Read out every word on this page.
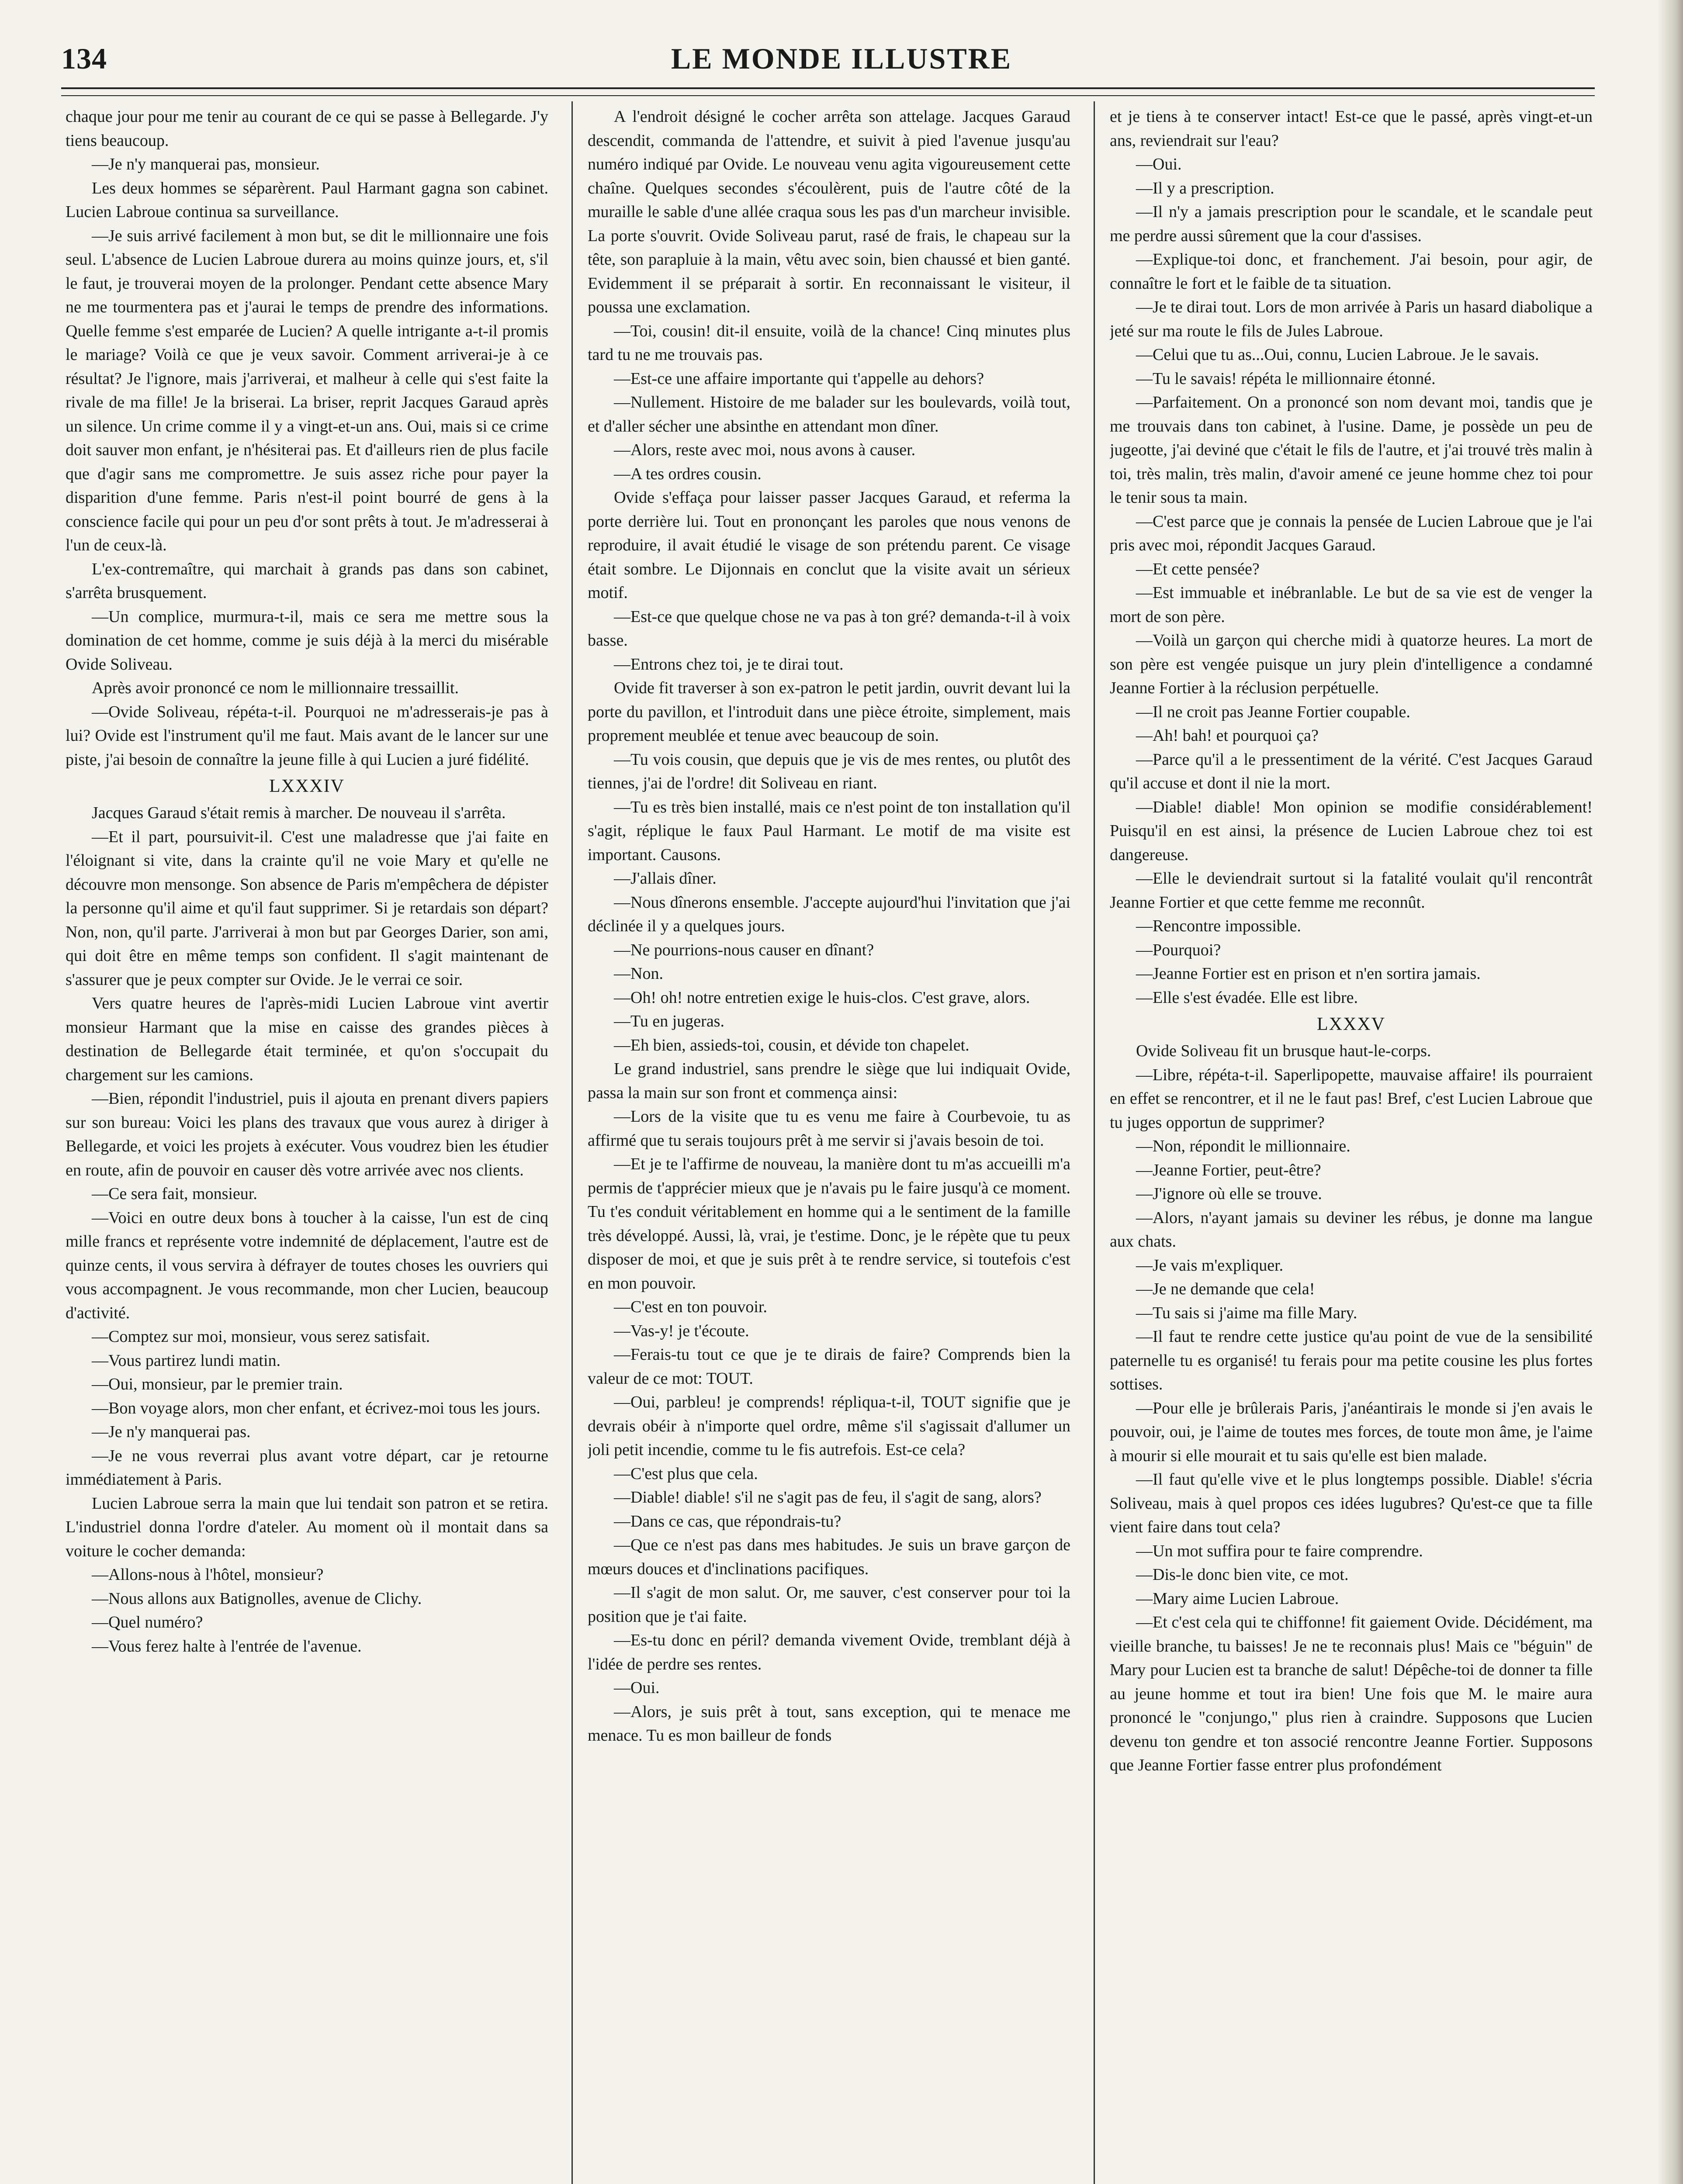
134	LE MONDE ILLUSTRE

chaque jour pour me tenir au courant de ce qui se passe à Bellegarde. J'y tiens beaucoup.

—Je n'y manquerai pas, monsieur.

Les deux hommes se séparèrent. Paul Harmant gagna son cabinet. Lucien Labroue continua sa surveillance.

—Je suis arrivé facilement à mon but, se dit le millionnaire une fois seul. L'absence de Lucien Labroue durera au moins quinze jours, et, s'il le faut, je trouverai moyen de la prolonger. Pendant cette absence Mary ne me tourmentera pas et j'aurai le temps de prendre des informations. Quelle femme s'est emparée de Lucien? A quelle intrigante a-t-il promis le mariage? Voilà ce que je veux savoir. Comment arriverai-je à ce résultat? Je l'ignore, mais j'arriverai, et malheur à celle qui s'est faite la rivale de ma fille! Je la briserai. La briser, reprit Jacques Garaud après un silence. Un crime comme il y a vingt-et-un ans. Oui, mais si ce crime doit sauver mon enfant, je n'hésiterai pas. Et d'ailleurs rien de plus facile que d'agir sans me compromettre. Je suis assez riche pour payer la disparition d'une femme. Paris n'est-il point bourré de gens à la conscience facile qui pour un peu d'or sont prêts à tout. Je m'adresserai à l'un de ceux-là.

L'ex-contremaître, qui marchait à grands pas dans son cabinet, s'arrêta brusquement.

—Un complice, murmura-t-il, mais ce sera me mettre sous la domination de cet homme, comme je suis déjà à la merci du misérable Ovide Soliveau.

Après avoir prononcé ce nom le millionnaire tressaillit.

—Ovide Soliveau, répéta-t-il. Pourquoi ne m'adresserais-je pas à lui? Ovide est l'instrument qu'il me faut. Mais avant de le lancer sur une piste, j'ai besoin de connaître la jeune fille à qui Lucien a juré fidélité.

LXXXIV

Jacques Garaud s'était remis à marcher. De nouveau il s'arrêta.

—Et il part, poursuivit-il. C'est une maladresse que j'ai faite en l'éloignant si vite, dans la crainte qu'il ne voie Mary et qu'elle ne découvre mon mensonge. Son absence de Paris m'empêchera de dépister la personne qu'il aime et qu'il faut supprimer. Si je retardais son départ? Non, non, qu'il parte. J'arriverai à mon but par Georges Darier, son ami, qui doit être en même temps son confident. Il s'agit maintenant de s'assurer que je peux compter sur Ovide. Je le verrai ce soir.

Vers quatre heures de l'après-midi Lucien Labroue vint avertir monsieur Harmant que la mise en caisse des grandes pièces à destination de Bellegarde était terminée, et qu'on s'occupait du chargement sur les camions.

—Bien, répondit l'industriel, puis il ajouta en prenant divers papiers sur son bureau: Voici les plans des travaux que vous aurez à diriger à Bellegarde, et voici les projets à exécuter. Vous voudrez bien les étudier en route, afin de pouvoir en causer dès votre arrivée avec nos clients.

—Ce sera fait, monsieur.

—Voici en outre deux bons à toucher à la caisse, l'un est de cinq mille francs et représente votre indemnité de déplacement, l'autre est de quinze cents, il vous servira à défrayer de toutes choses les ouvriers qui vous accompagnent. Je vous recommande, mon cher Lucien, beaucoup d'activité.

—Comptez sur moi, monsieur, vous serez satisfait.

—Vous partirez lundi matin.

—Oui, monsieur, par le premier train.

—Bon voyage alors, mon cher enfant, et écrivez-moi tous les jours.

—Je n'y manquerai pas.

—Je ne vous reverrai plus avant votre départ, car je retourne immédiatement à Paris.

Lucien Labroue serra la main que lui tendait son patron et se retira. L'industriel donna l'ordre d'ateler. Au moment où il montait dans sa voiture le cocher demanda:

—Allons-nous à l'hôtel, monsieur?

—Nous allons aux Batignolles, avenue de Clichy.

—Quel numéro?

—Vous ferez halte à l'entrée de l'avenue.

A l'endroit désigné le cocher arrêta son attelage. Jacques Garaud descendit, commanda de l'attendre, et suivit à pied l'avenue jusqu'au numéro indiqué par Ovide. Le nouveau venu agita vigoureusement cette chaîne. Quelques secondes s'écoulèrent, puis de l'autre côté de la muraille le sable d'une allée craqua sous les pas d'un marcheur invisible. La porte s'ouvrit. Ovide Soliveau parut, rasé de frais, le chapeau sur la tête, son parapluie à la main, vêtu avec soin, bien chaussé et bien ganté. Evidemment il se préparait à sortir. En reconnaissant le visiteur, il poussa une exclamation.

—Toi, cousin! dit-il ensuite, voilà de la chance! Cinq minutes plus tard tu ne me trouvais pas.

—Est-ce une affaire importante qui t'appelle au dehors?

—Nullement. Histoire de me balader sur les boulevards, voilà tout, et d'aller sécher une absinthe en attendant mon dîner.

—Alors, reste avec moi, nous avons à causer.

—A tes ordres cousin.

Ovide s'effaça pour laisser passer Jacques Garaud, et referma la porte derrière lui. Tout en prononçant les paroles que nous venons de reproduire, il avait étudié le visage de son prétendu parent. Ce visage était sombre. Le Dijonnais en conclut que la visite avait un sérieux motif.

—Est-ce que quelque chose ne va pas à ton gré? demanda-t-il à voix basse.

—Entrons chez toi, je te dirai tout.

Ovide fit traverser à son ex-patron le petit jardin, ouvrit devant lui la porte du pavillon, et l'introduit dans une pièce étroite, simplement, mais proprement meublée et tenue avec beaucoup de soin.

—Tu vois cousin, que depuis que je vis de mes rentes, ou plutôt des tiennes, j'ai de l'ordre! dit Soliveau en riant.

—Tu es très bien installé, mais ce n'est point de ton installation qu'il s'agit, réplique le faux Paul Harmant. Le motif de ma visite est important. Causons.

—J'allais dîner.

—Nous dînerons ensemble. J'accepte aujourd'hui l'invitation que j'ai déclinée il y a quelques jours.

—Ne pourrions-nous causer en dînant?

—Non.

—Oh! oh! notre entretien exige le huis-clos. C'est grave, alors.

—Tu en jugeras.

—Eh bien, assieds-toi, cousin, et dévide ton chapelet.

Le grand industriel, sans prendre le siège que lui indiquait Ovide, passa la main sur son front et commença ainsi:

—Lors de la visite que tu es venu me faire à Courbevoie, tu as affirmé que tu serais toujours prêt à me servir si j'avais besoin de toi.

—Et je te l'affirme de nouveau, la manière dont tu m'as accueilli m'a permis de t'apprécier mieux que je n'avais pu le faire jusqu'à ce moment. Tu t'es conduit véritablement en homme qui a le sentiment de la famille très développé. Aussi, là, vrai, je t'estime. Donc, je le répète que tu peux disposer de moi, et que je suis prêt à te rendre service, si toutefois c'est en mon pouvoir.

—C'est en ton pouvoir.

—Vas-y! je t'écoute.

—Ferais-tu tout ce que je te dirais de faire? Comprends bien la valeur de ce mot: TOUT.

—Oui, parbleu! je comprends! répliqua-t-il, TOUT signifie que je devrais obéir à n'importe quel ordre, même s'il s'agissait d'allumer un joli petit incendie, comme tu le fis autrefois. Est-ce cela?

—C'est plus que cela.

—Diable! diable! s'il ne s'agit pas de feu, il s'agit de sang, alors?

—Dans ce cas, que répondrais-tu?

—Que ce n'est pas dans mes habitudes. Je suis un brave garçon de mœurs douces et d'inclinations pacifiques.

—Il s'agit de mon salut. Or, me sauver, c'est conserver pour toi la position que je t'ai faite.

—Es-tu donc en péril? demanda vivement Ovide, tremblant déjà à l'idée de perdre ses rentes.

—Oui.

—Alors, je suis prêt à tout, sans exception, qui te menace me menace. Tu es mon bailleur de fonds

et je tiens à te conserver intact! Est-ce que le passé, après vingt-et-un ans, reviendrait sur l'eau?

—Oui.

—Il y a prescription.

—Il n'y a jamais prescription pour le scandale, et le scandale peut me perdre aussi sûrement que la cour d'assises.

—Explique-toi donc, et franchement. J'ai besoin, pour agir, de connaître le fort et le faible de ta situation.

—Je te dirai tout. Lors de mon arrivée à Paris un hasard diabolique a jeté sur ma route le fils de Jules Labroue.

—Celui que tu as...Oui, connu, Lucien Labroue. Je le savais.

—Tu le savais! répéta le millionnaire étonné.

—Parfaitement. On a prononcé son nom devant moi, tandis que je me trouvais dans ton cabinet, à l'usine. Dame, je possède un peu de jugeotte, j'ai deviné que c'était le fils de l'autre, et j'ai trouvé très malin à toi, très malin, très malin, d'avoir amené ce jeune homme chez toi pour le tenir sous ta main.

—C'est parce que je connais la pensée de Lucien Labroue que je l'ai pris avec moi, répondit Jacques Garaud.

—Et cette pensée?

—Est immuable et inébranlable. Le but de sa vie est de venger la mort de son père.

—Voilà un garçon qui cherche midi à quatorze heures. La mort de son père est vengée puisque un jury plein d'intelligence a condamné Jeanne Fortier à la réclusion perpétuelle.

—Il ne croit pas Jeanne Fortier coupable.

—Ah! bah! et pourquoi ça?

—Parce qu'il a le pressentiment de la vérité. C'est Jacques Garaud qu'il accuse et dont il nie la mort.

—Diable! diable! Mon opinion se modifie considérablement! Puisqu'il en est ainsi, la présence de Lucien Labroue chez toi est dangereuse.

—Elle le deviendrait surtout si la fatalité voulait qu'il rencontrât Jeanne Fortier et que cette femme me reconnût.

—Rencontre impossible.

—Pourquoi?

—Jeanne Fortier est en prison et n'en sortira jamais.

—Elle s'est évadée. Elle est libre.

LXXXV

Ovide Soliveau fit un brusque haut-le-corps.

—Libre, répéta-t-il. Saperlipopette, mauvaise affaire! ils pourraient en effet se rencontrer, et il ne le faut pas! Bref, c'est Lucien Labroue que tu juges opportun de supprimer?

—Non, répondit le millionnaire.

—Jeanne Fortier, peut-être?

—J'ignore où elle se trouve.

—Alors, n'ayant jamais su deviner les rébus, je donne ma langue aux chats.

—Je vais m'expliquer.

—Je ne demande que cela!

—Tu sais si j'aime ma fille Mary.

—Il faut te rendre cette justice qu'au point de vue de la sensibilité paternelle tu es organisé! tu ferais pour ma petite cousine les plus fortes sottises.

—Pour elle je brûlerais Paris, j'anéantirais le monde si j'en avais le pouvoir, oui, je l'aime de toutes mes forces, de toute mon âme, je l'aime à mourir si elle mourait et tu sais qu'elle est bien malade.

—Il faut qu'elle vive et le plus longtemps possible. Diable! s'écria Soliveau, mais à quel propos ces idées lugubres? Qu'est-ce que ta fille vient faire dans tout cela?

—Un mot suffira pour te faire comprendre.

—Dis-le donc bien vite, ce mot.

—Mary aime Lucien Labroue.

—Et c'est cela qui te chiffonne! fit gaiement Ovide. Décidément, ma vieille branche, tu baisses! Je ne te reconnais plus! Mais ce "béguin" de Mary pour Lucien est ta branche de salut! Dépêche-toi de donner ta fille au jeune homme et tout ira bien! Une fois que M. le maire aura prononcé le "conjungo," plus rien à craindre. Supposons que Lucien devenu ton gendre et ton associé rencontre Jeanne Fortier. Supposons que Jeanne Fortier fasse entrer plus profondément
